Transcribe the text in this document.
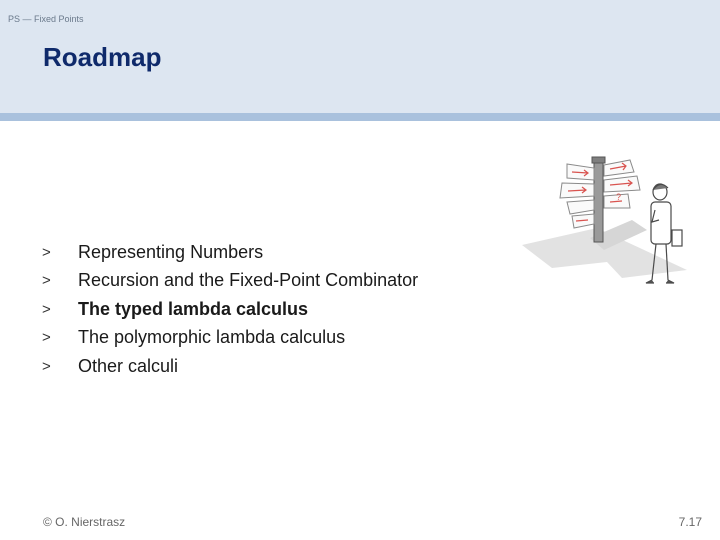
PS — Fixed Points
Roadmap
>	Representing Numbers
>	Recursion and the Fixed-Point Combinator
>	The typed lambda calculus
>	The polymorphic lambda calculus
>	Other calculi
?
© O. Nierstrasz	7.17
